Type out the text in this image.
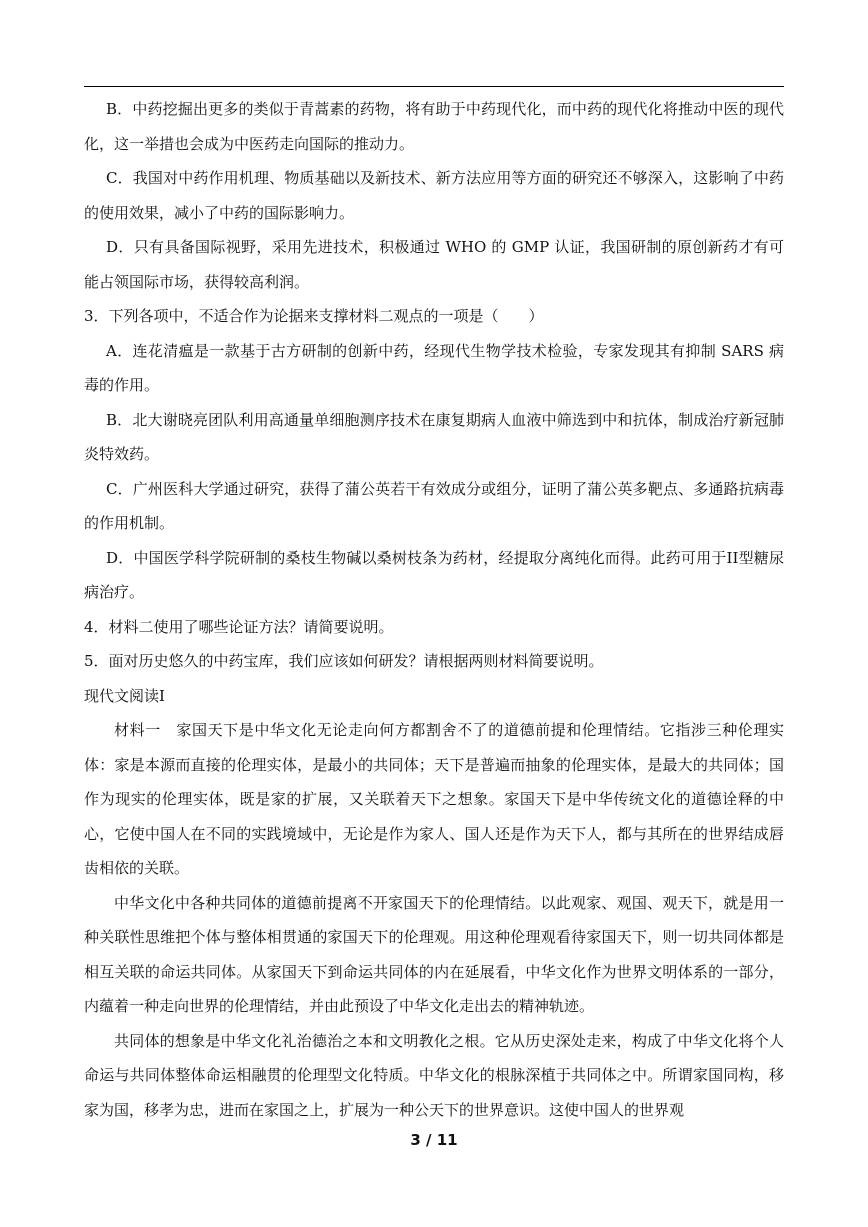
B．中药挖掘出更多的类似于青蒿素的药物，将有助于中药现代化，而中药的现代化将推动中医的现代化，这一举措也会成为中医药走向国际的推动力。

C．我国对中药作用机理、物质基础以及新技术、新方法应用等方面的研究还不够深入，这影响了中药的使用效果，减小了中药的国际影响力。

D．只有具备国际视野，采用先进技术，积极通过 WHO 的 GMP 认证，我国研制的原创新药才有可能占领国际市场，获得较高利润。

3．下列各项中，不适合作为论据来支撑材料二观点的一项是（　　）

A．连花清瘟是一款基于古方研制的创新中药，经现代生物学技术检验，专家发现其有抑制 SARS 病毒的作用。

B．北大谢晓亮团队利用高通量单细胞测序技术在康复期病人血液中筛选到中和抗体，制成治疗新冠肺炎特效药。

C．广州医科大学通过研究，获得了蒲公英若干有效成分或组分，证明了蒲公英多靶点、多通路抗病毒的作用机制。

D．中国医学科学院研制的桑枝生物碱以桑树枝条为药材，经提取分离纯化而得。此药可用于II型糖尿病治疗。

4．材料二使用了哪些论证方法？请简要说明。

5．面对历史悠久的中药宝库，我们应该如何研发？请根据两则材料简要说明。

现代文阅读I

材料一　家国天下是中华文化无论走向何方都割舍不了的道德前提和伦理情结。它指涉三种伦理实体：家是本源而直接的伦理实体，是最小的共同体；天下是普遍而抽象的伦理实体，是最大的共同体；国作为现实的伦理实体，既是家的扩展，又关联着天下之想象。家国天下是中华传统文化的道德诠释的中心，它使中国人在不同的实践境域中，无论是作为家人、国人还是作为天下人，都与其所在的世界结成唇齿相依的关联。

中华文化中各种共同体的道德前提离不开家国天下的伦理情结。以此观家、观国、观天下，就是用一种关联性思维把个体与整体相贯通的家国天下的伦理观。用这种伦理观看待家国天下，则一切共同体都是相互关联的命运共同体。从家国天下到命运共同体的内在延展看，中华文化作为世界文明体系的一部分，内蕴着一种走向世界的伦理情结，并由此预设了中华文化走出去的精神轨迹。

共同体的想象是中华文化礼治德治之本和文明教化之根。它从历史深处走来，构成了中华文化将个人命运与共同体整体命运相融贯的伦理型文化特质。中华文化的根脉深植于共同体之中。所谓家国同构，移家为国，移孝为忠，进而在家国之上，扩展为一种公天下的世界意识。这使中国人的世界观

3 / 11
